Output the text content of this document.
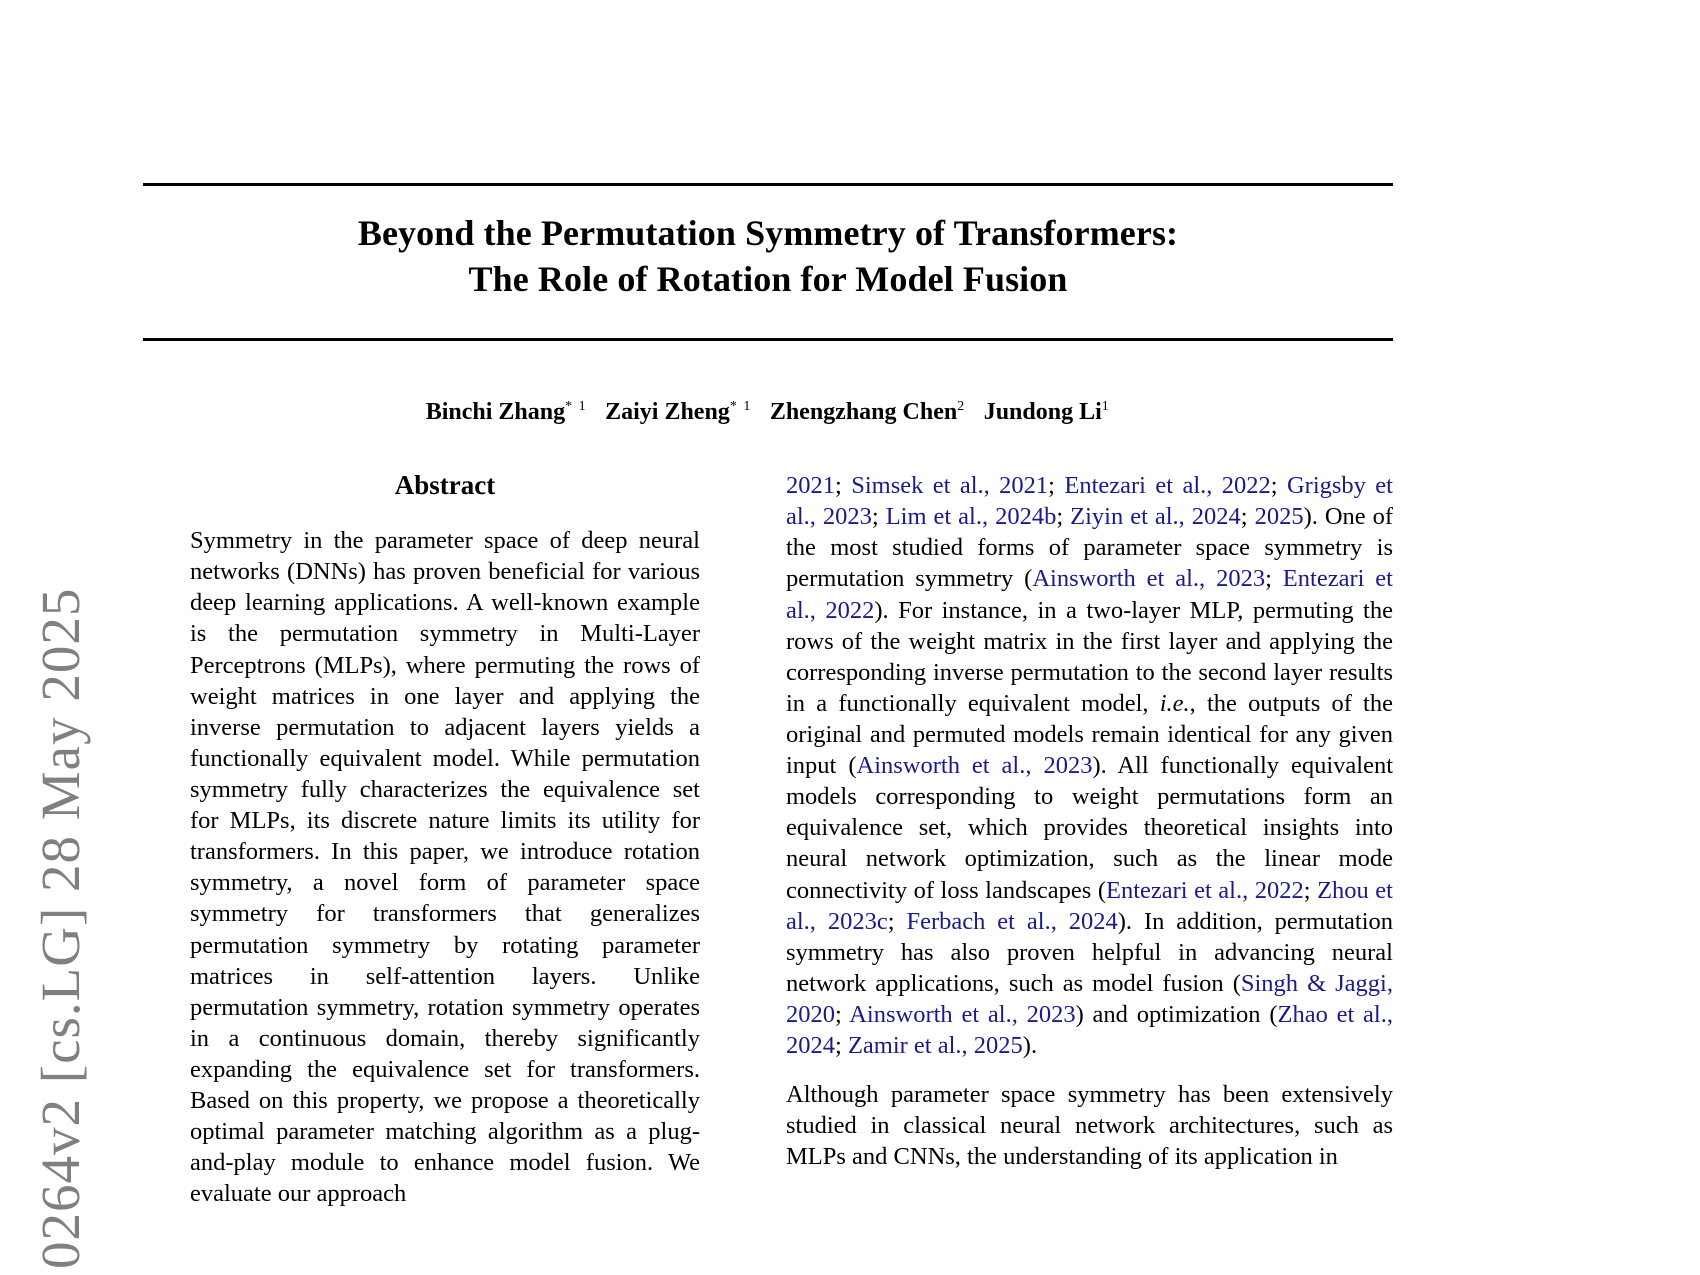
0264v2 [cs.LG] 28 May 2025
Beyond the Permutation Symmetry of Transformers:
The Role of Rotation for Model Fusion
Binchi Zhang$^{* 1}$ Zaiyi Zheng$^{* 1}$ Zhengzhang Chen$^2$ Jundong Li$^1$
Abstract

Symmetry in the parameter space of deep neural networks (DNNs) has proven beneficial for various deep learning applications. A well-known example is the permutation symmetry in Multi-Layer Perceptrons (MLPs), where permuting the rows of weight matrices in one layer and applying the inverse permutation to adjacent layers yields a functionally equivalent model. While permutation symmetry fully characterizes the equivalence set for MLPs, its discrete nature limits its utility for transformers. In this paper, we introduce rotation symmetry, a novel form of parameter space symmetry for transformers that generalizes permutation symmetry by rotating parameter matrices in self-attention layers. Unlike permutation symmetry, rotation symmetry operates in a continuous domain, thereby significantly expanding the equivalence set for transformers. Based on this property, we propose a theoretically optimal parameter matching algorithm as a plug-and-play module to enhance model fusion. We evaluate our approach

2021; Simsek et al., 2021; Entezari et al., 2022; Grigsby et al., 2023; Lim et al., 2024b; Ziyin et al., 2024; 2025). One of the most studied forms of parameter space symmetry is permutation symmetry (Ainsworth et al., 2023; Entezari et al., 2022). For instance, in a two-layer MLP, permuting the rows of the weight matrix in the first layer and applying the corresponding inverse permutation to the second layer results in a functionally equivalent model, i.e., the outputs of the original and permuted models remain identical for any given input (Ainsworth et al., 2023). All functionally equivalent models corresponding to weight permutations form an equivalence set, which provides theoretical insights into neural network optimization, such as the linear mode connectivity of loss landscapes (Entezari et al., 2022; Zhou et al., 2023c; Ferbach et al., 2024). In addition, permutation symmetry has also proven helpful in advancing neural network applications, such as model fusion (Singh & Jaggi, 2020; Ainsworth et al., 2023) and optimization (Zhao et al., 2024; Zamir et al., 2025).

Although parameter space symmetry has been extensively studied in classical neural network architectures, such as MLPs and CNNs, the understanding of its application in
